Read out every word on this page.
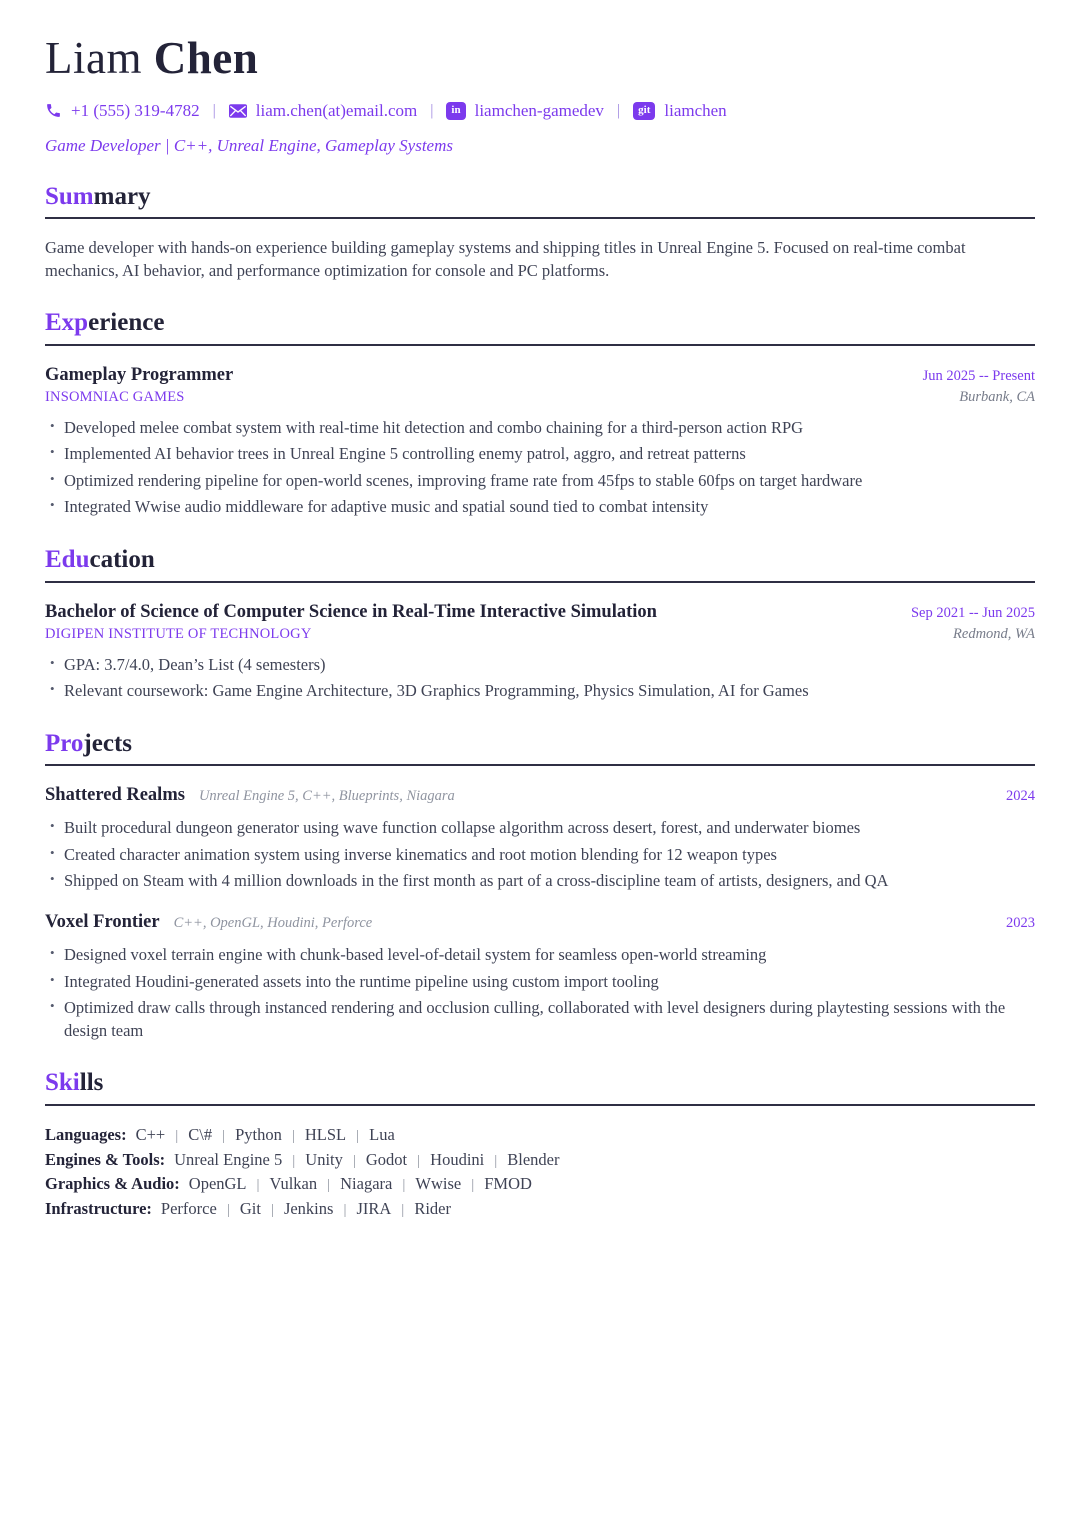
Liam Chen
+1 (555) 319-4782 | liam.chen(at)email.com |	in liamchen-gamedev |	git liamchen
Game Developer | C++, Unreal Engine, Gameplay Systems
Summary

Game developer with hands-on experience building gameplay systems and shipping titles in Unreal Engine 5. Focused on real-time combat mechanics, AI behavior, and performance optimization for console and PC platforms.

Experience
Gameplay Programmer	Jun 2025 -- Present
INSOMNIAC GAMES	Burbank, CA
• Developed melee combat system with real-time hit detection and combo chaining for a third-person action RPG
• Implemented AI behavior trees in Unreal Engine 5 controlling enemy patrol, aggro, and retreat patterns
• Optimized rendering pipeline for open-world scenes, improving frame rate from 45fps to stable 60fps on target hardware
• Integrated Wwise audio middleware for adaptive music and spatial sound tied to combat intensity
Education
Bachelor of Science of Computer Science in Real-Time Interactive Simulation	Sep 2021 -- Jun 2025
DIGIPEN INSTITUTE OF TECHNOLOGY	Redmond, WA
• GPA: 3.7/4.0, Dean’s List (4 semesters)
• Relevant coursework: Game Engine Architecture, 3D Graphics Programming, Physics Simulation, AI for Games
Projects
Shattered Realms Unreal Engine 5, C++, Blueprints, Niagara	2024
• Built procedural dungeon generator using wave function collapse algorithm across desert, forest, and underwater biomes
• Created character animation system using inverse kinematics and root motion blending for 12 weapon types
• Shipped on Steam with 4 million downloads in the first month as part of a cross-discipline team of artists, designers, and QA
Voxel Frontier C++, OpenGL, Houdini, Perforce	2023
• Designed voxel terrain engine with chunk-based level-of-detail system for seamless open-world streaming
• Integrated Houdini-generated assets into the runtime pipeline using custom import tooling
• Optimized draw calls through instanced rendering and occlusion culling, collaborated with level designers during playtesting sessions with the design team
Skills
Languages: C++ | C\# | Python | HLSL | Lua
Engines & Tools: Unreal Engine 5 | Unity | Godot | Houdini | Blender
Graphics & Audio: OpenGL | Vulkan | Niagara | Wwise | FMOD
Infrastructure: Perforce | Git | Jenkins | JIRA | Rider
